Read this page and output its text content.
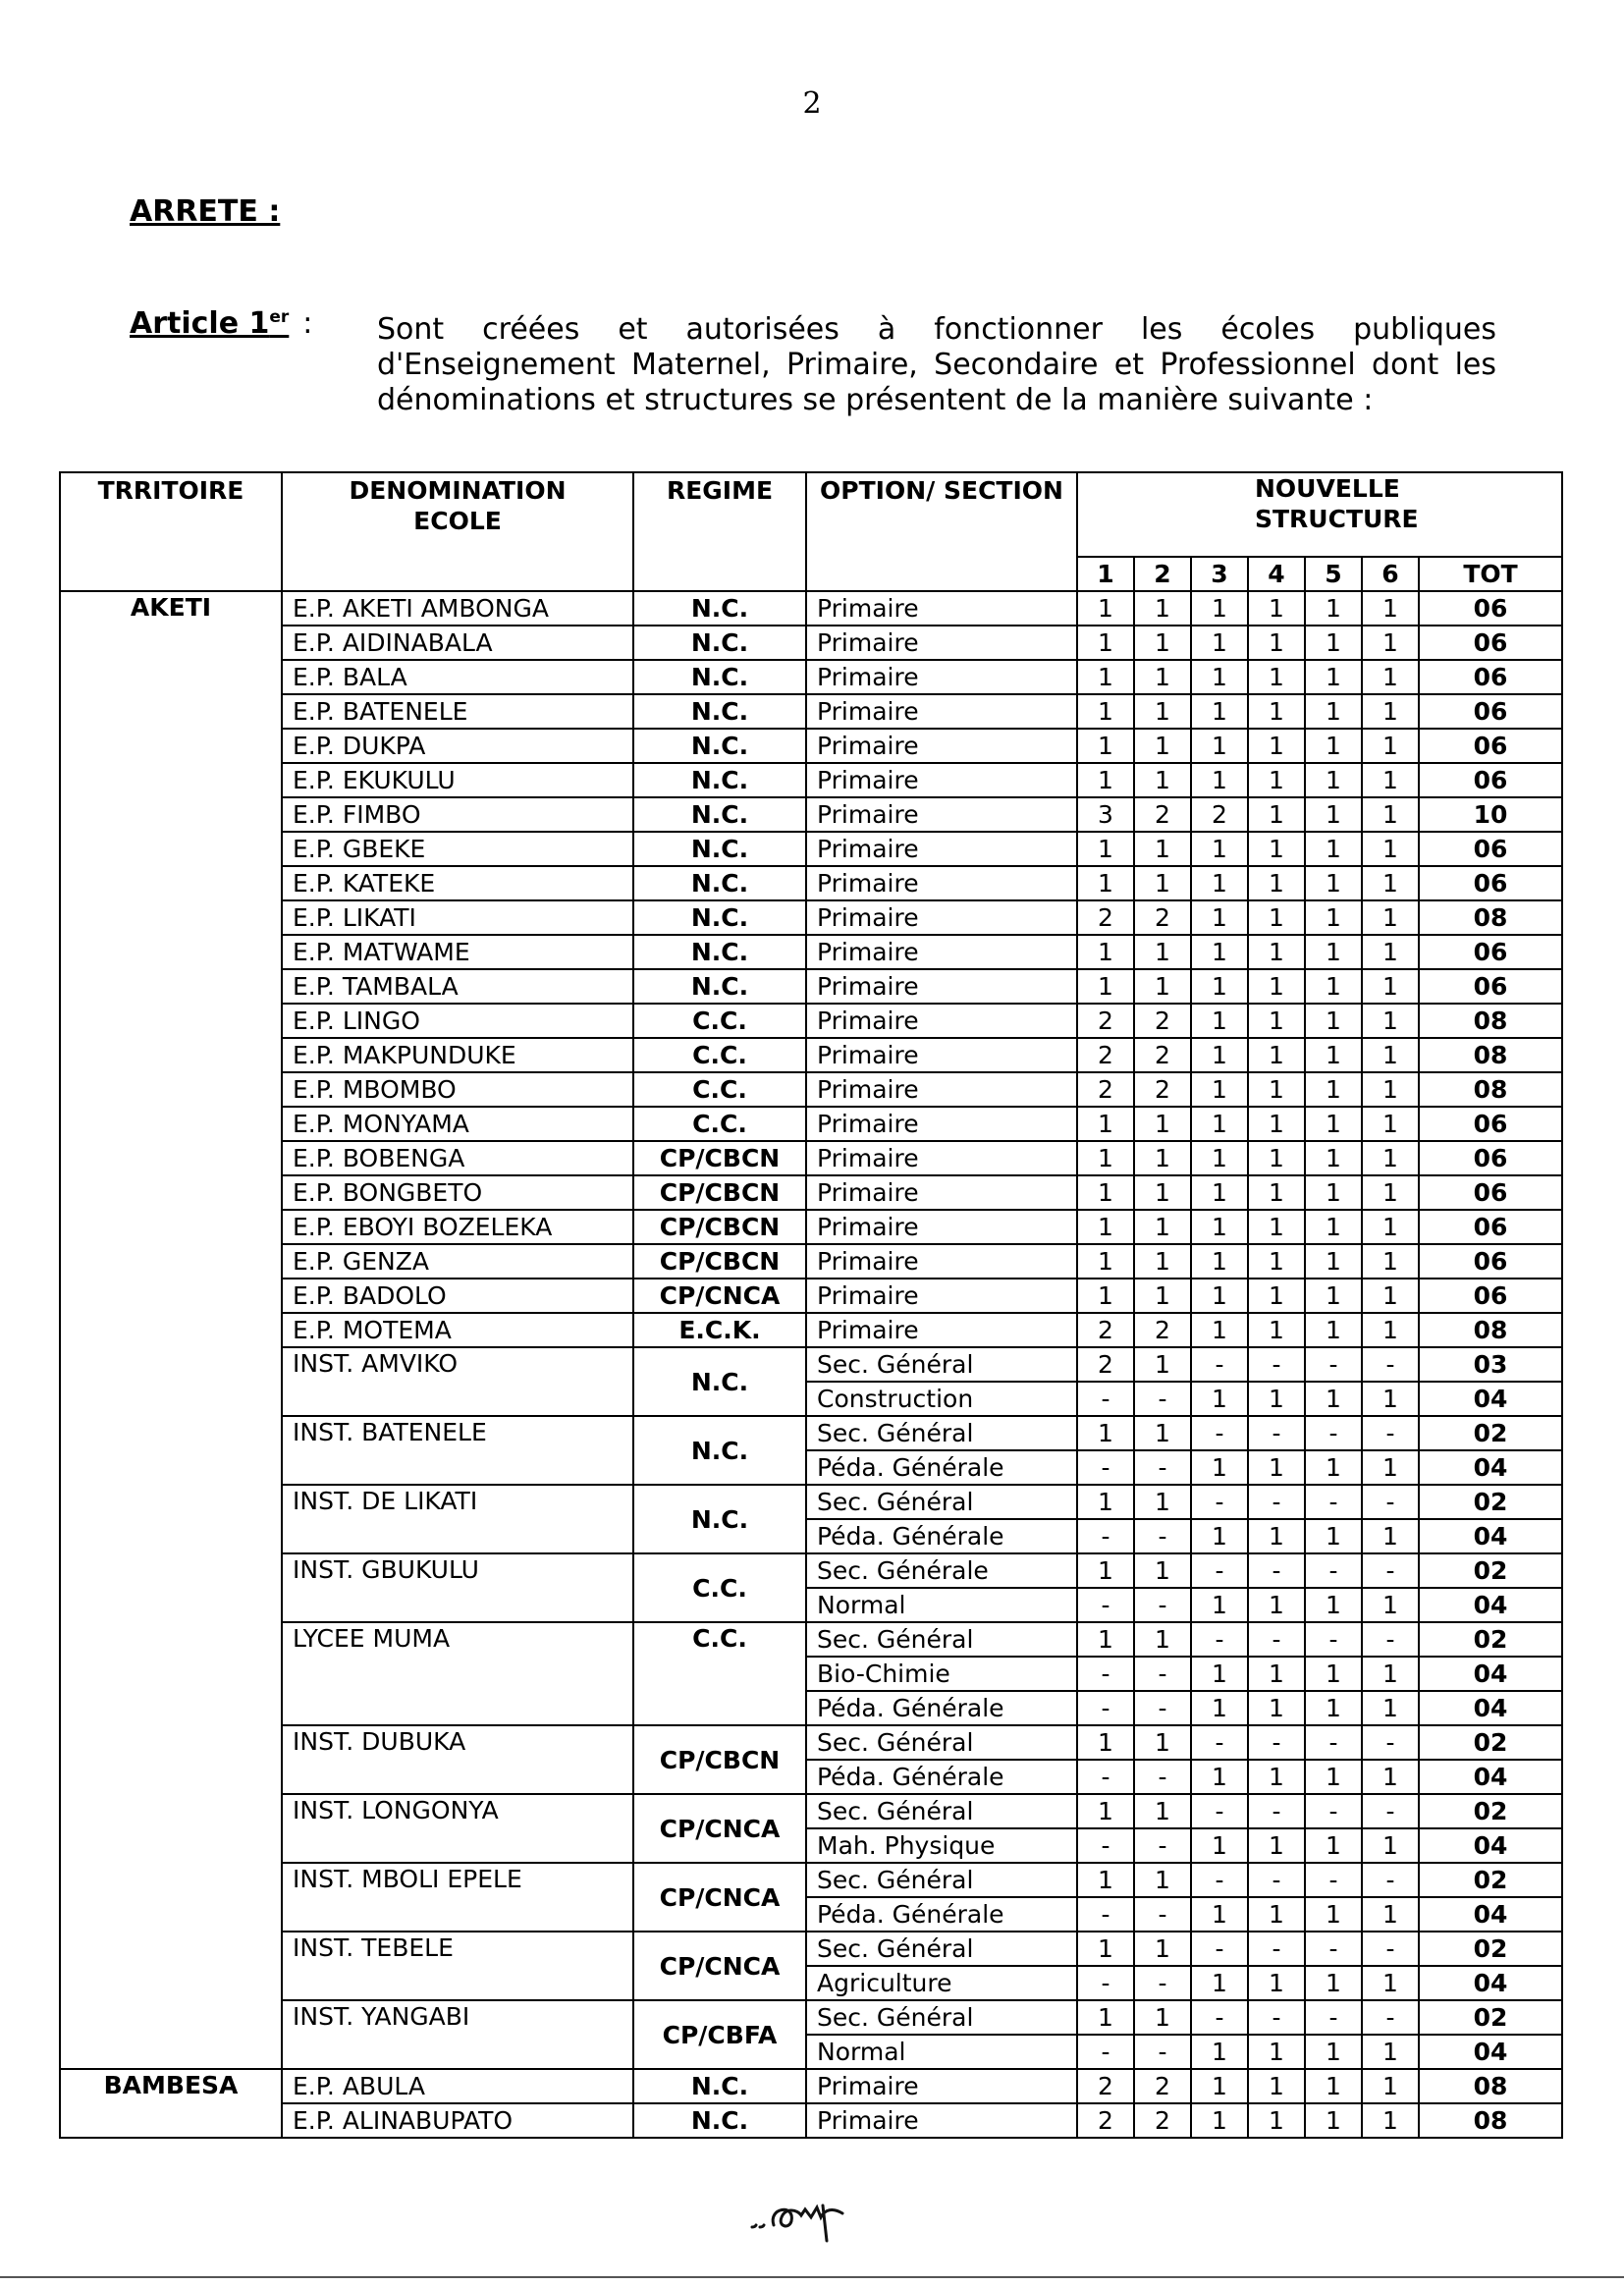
2
ARRETE :
Article 1er : Sont créées et autorisées à fonctionner les écoles publiques d'Enseignement Maternel, Primaire, Secondaire et Professionnel dont les dénominations et structures se présentent de la manière suivante :
TRRITOIRE	DENOMINATION ECOLE	REGIME	OPTION/ SECTION	NOUVELLE STRUCTURE						
				1	2	3	4	5	6	TOT
AKETI	E.P. AKETI AMBONGA	N.C.	Primaire	1	1	1	1	1	1	06
	E.P. AIDINABALA	N.C.	Primaire	1	1	1	1	1	1	06
	E.P. BALA	N.C.	Primaire	1	1	1	1	1	1	06
	E.P. BATENELE	N.C.	Primaire	1	1	1	1	1	1	06
	E.P. DUKPA	N.C.	Primaire	1	1	1	1	1	1	06
	E.P. EKUKULU	N.C.	Primaire	1	1	1	1	1	1	06
	E.P. FIMBO	N.C.	Primaire	3	2	2	1	1	1	10
	E.P. GBEKE	N.C.	Primaire	1	1	1	1	1	1	06
	E.P. KATEKE	N.C.	Primaire	1	1	1	1	1	1	06
	E.P. LIKATI	N.C.	Primaire	2	2	1	1	1	1	08
	E.P. MATWAME	N.C.	Primaire	1	1	1	1	1	1	06
	E.P. TAMBALA	N.C.	Primaire	1	1	1	1	1	1	06
	E.P. LINGO	C.C.	Primaire	2	2	1	1	1	1	08
	E.P. MAKPUNDUKE	C.C.	Primaire	2	2	1	1	1	1	08
	E.P. MBOMBO	C.C.	Primaire	2	2	1	1	1	1	08
	E.P. MONYAMA	C.C.	Primaire	1	1	1	1	1	1	06
	E.P. BOBENGA	CP/CBCN	Primaire	1	1	1	1	1	1	06
	E.P. BONGBETO	CP/CBCN	Primaire	1	1	1	1	1	1	06
	E.P. EBOYI BOZELEKA	CP/CBCN	Primaire	1	1	1	1	1	1	06
	E.P. GENZA	CP/CBCN	Primaire	1	1	1	1	1	1	06
	E.P. BADOLO	CP/CNCA	Primaire	1	1	1	1	1	1	06
	E.P. MOTEMA	E.C.K.	Primaire	2	2	1	1	1	1	08
	INST. AMVIKO	N.C.	Sec. Général	2	1	-	-	-	-	03
			Construction	-	-	1	1	1	1	04
	INST. BATENELE	N.C.	Sec. Général	1	1	-	-	-	-	02
			Péda. Générale	-	-	1	1	1	1	04
	INST. DE LIKATI	N.C.	Sec. Général	1	1	-	-	-	-	02
			Péda. Générale	-	-	1	1	1	1	04
	INST. GBUKULU	C.C.	Sec. Générale	1	1	-	-	-	-	02
			Normal	-	-	1	1	1	1	04
	LYCEE MUMA	C.C.	Sec. Général	1	1	-	-	-	-	02
			Bio-Chimie	-	-	1	1	1	1	04
			Péda. Générale	-	-	1	1	1	1	04
	INST. DUBUKA	CP/CBCN	Sec. Général	1	1	-	-	-	-	02
			Péda. Générale	-	-	1	1	1	1	04
	INST. LONGONYA	CP/CNCA	Sec. Général	1	1	-	-	-	-	02
			Mah. Physique	-	-	1	1	1	1	04
	INST. MBOLI EPELE	CP/CNCA	Sec. Général	1	1	-	-	-	-	02
			Péda. Générale	-	-	1	1	1	1	04
	INST. TEBELE	CP/CNCA	Sec. Général	1	1	-	-	-	-	02
			Agriculture	-	-	1	1	1	1	04
	INST. YANGABI	CP/CBFA	Sec. Général	1	1	-	-	-	-	02
			Normal	-	-	1	1	1	1	04
BAMBESA	E.P. ABULA	N.C.	Primaire	2	2	1	1	1	1	08
	E.P. ALINABUPATO	N.C.	Primaire	2	2	1	1	1	1	08
